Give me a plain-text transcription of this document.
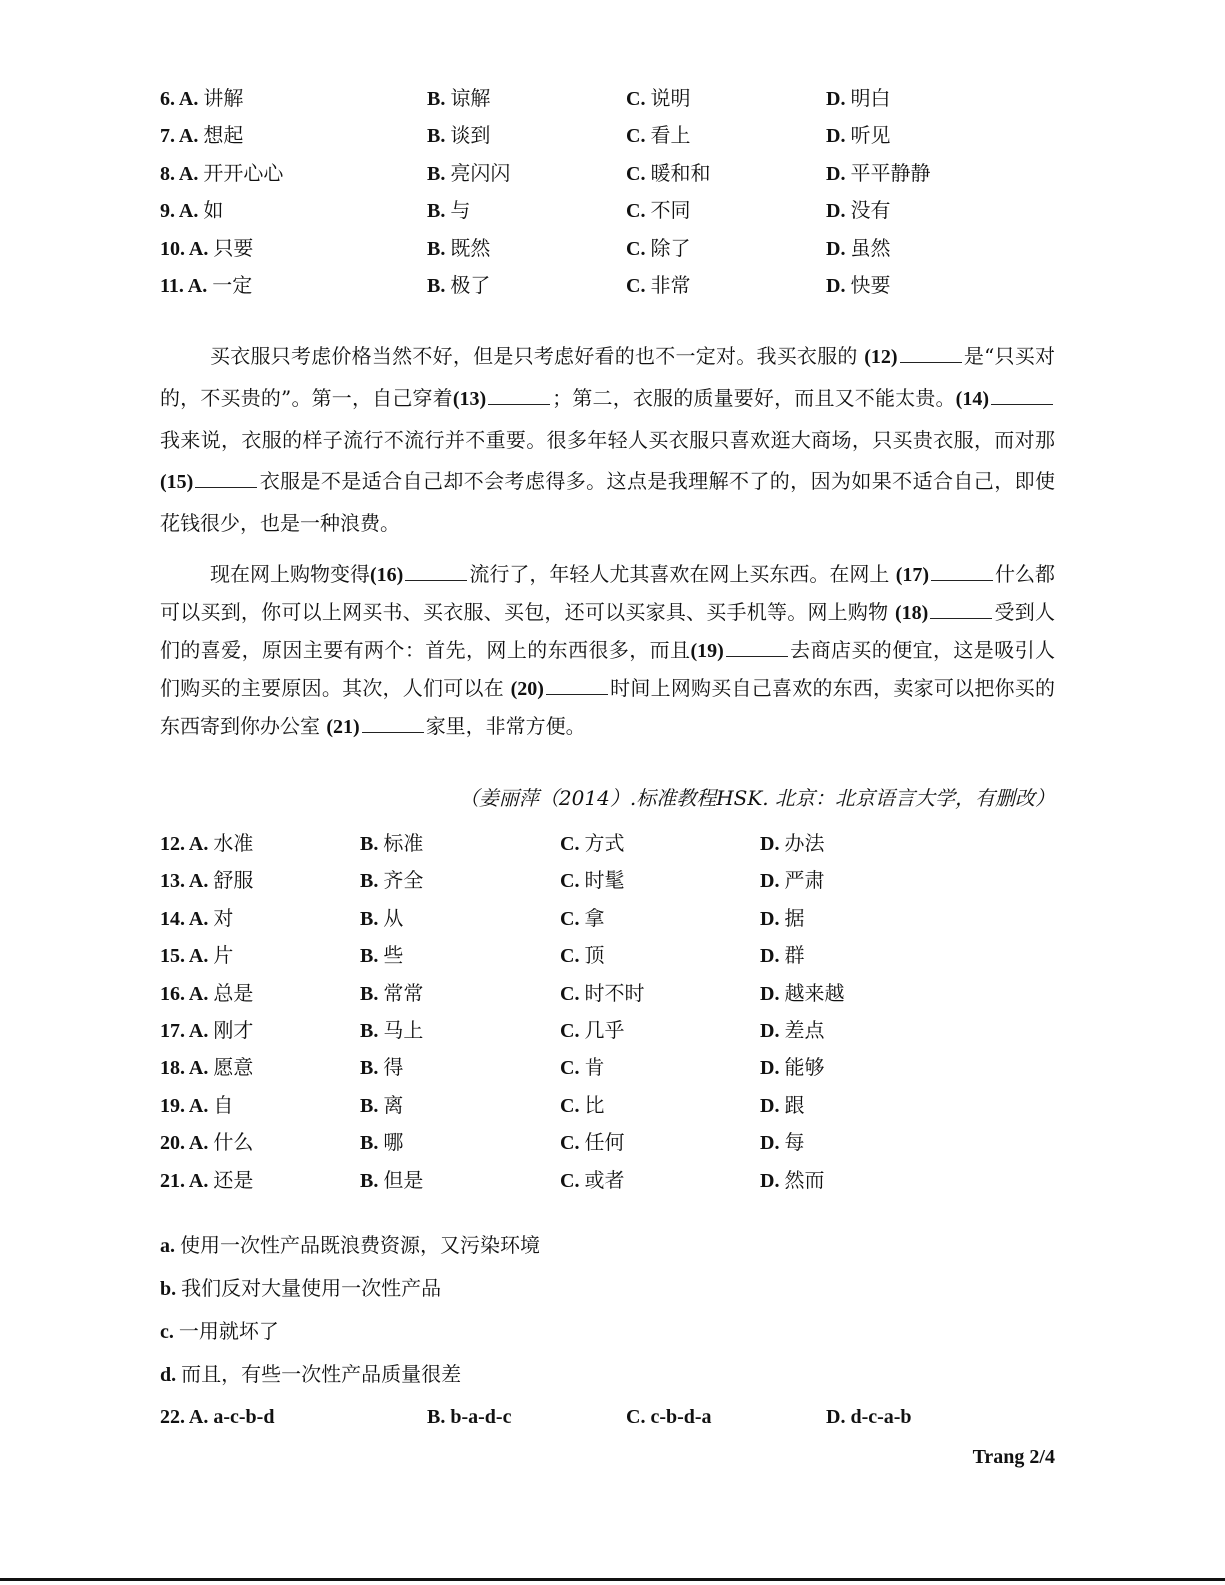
6. A. 讲解	B. 谅解	C. 说明	D. 明白
7. A. 想起	B. 谈到	C. 看上	D. 听见
8. A. 开开心心	B. 亮闪闪	C. 暖和和	D. 平平静静
9. A. 如	B. 与	C. 不同	D. 没有
10. A. 只要	B. 既然	C. 除了	D. 虽然
11. A. 一定	B. 极了	C. 非常	D. 快要

买衣服只考虑价格当然不好，但是只考虑好看的也不一定对。我买衣服的 (12)	是“只买对的，不买贵的”。第一，自己穿着(13)	；第二，衣服的质量要好，而且又不能太贵。(14)我来说，衣服的样子流行不流行并不重要。很多年轻人买衣服只喜欢逛大商场，只买贵衣服，而对那(15)	衣服是不是适合自己却不会考虑得多。这点是我理解不了的，因为如果不适合自己，即使花钱很少，也是一种浪费。

现在网上购物变得(16)	流行了，年轻人尤其喜欢在网上买东西。在网上 (17)	什么都可以买到，你可以上网买书、买衣服、买包，还可以买家具、买手机等。网上购物 (18)	受到人们的喜爱，原因主要有两个：首先，网上的东西很多，而且(19)	去商店买的便宜，这是吸引人们购买的主要原因。其次，人们可以在 (20)	时间上网购买自己喜欢的东西，卖家可以把你买的东西寄到你办公室 (21)	家里，非常方便。

（姜丽萍（2014）.标准教程HSK. 北京：北京语言大学，有删改）
12. A. 水准	B. 标准	C. 方式	D. 办法
13. A. 舒服	B. 齐全	C. 时髦	D. 严肃
14. A. 对	B. 从	C. 拿	D. 据
15. A. 片	B. 些	C. 顶	D. 群
16. A. 总是	B. 常常	C. 时不时	D. 越来越
17. A. 刚才	B. 马上	C. 几乎	D. 差点
18. A. 愿意	B. 得	C. 肯	D. 能够
19. A. 自	B. 离	C. 比	D. 跟
20. A. 什么	B. 哪	C. 任何	D. 每
21. A. 还是	B. 但是	C. 或者	D. 然而
a. 使用一次性产品既浪费资源，又污染环境
b. 我们反对大量使用一次性产品
c. 一用就坏了
d. 而且，有些一次性产品质量很差
22. A. a-c-b-d	B. b-a-d-c	C. c-b-d-a	D. d-c-a-b
Trang 2/4
